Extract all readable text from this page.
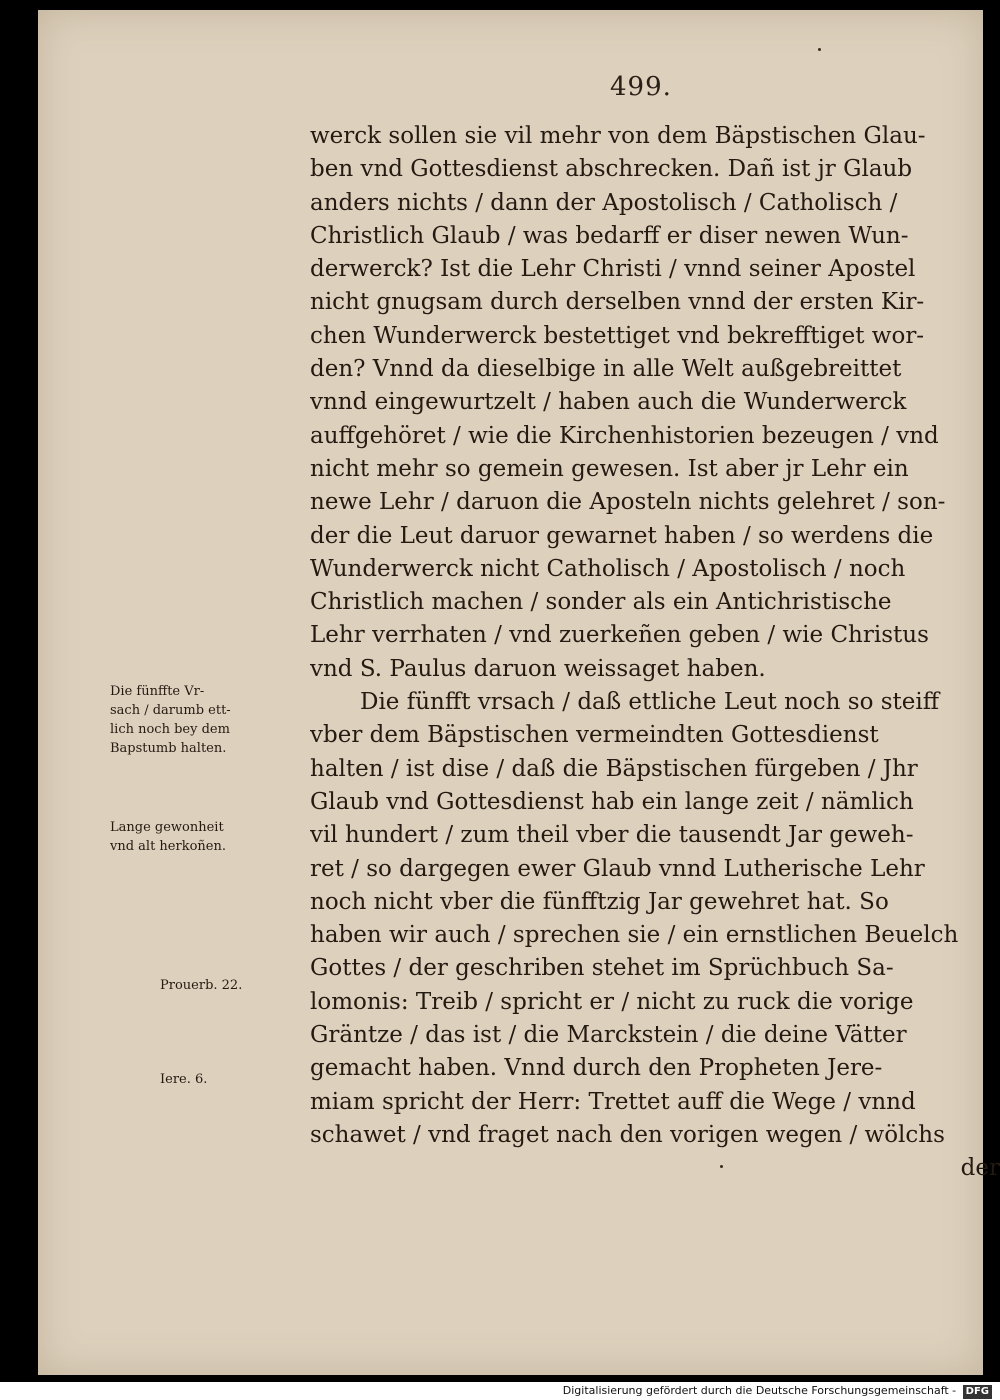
499.
werck sollen sie vil mehr von dem Bäpstischen Glau-
ben vnd Gottesdienst abschrecken. Dañ ist jr Glaub
anders nichts / dann der Apostolisch / Catholisch /
Christlich Glaub / was bedarff er diser newen Wun-
derwerck? Ist die Lehr Christi / vnnd seiner Apostel
nicht gnugsam durch derselben vnnd der ersten Kir-
chen Wunderwerck bestettiget vnd bekrefftiget wor-
den? Vnnd da dieselbige in alle Welt außgebreittet
vnnd eingewurtzelt / haben auch die Wunderwerck
auffgehöret / wie die Kirchenhistorien bezeugen / vnd
nicht mehr so gemein gewesen. Ist aber jr Lehr ein
newe Lehr / daruon die Aposteln nichts gelehret / son-
der die Leut daruor gewarnet haben / so werdens die
Wunderwerck nicht Catholisch / Apostolisch / noch
Christlich machen / sonder als ein Antichristische
Lehr verrhaten / vnd zuerkeñen geben / wie Christus
vnd S. Paulus daruon weissaget haben.
Die fünfft vrsach / daß ettliche Leut noch so steiff
vber dem Bäpstischen vermeindten Gottesdienst
halten / ist dise / daß die Bäpstischen fürgeben / Jhr
Glaub vnd Gottesdienst hab ein lange zeit / nämlich
vil hundert / zum theil vber die tausendt Jar geweh-
ret / so dargegen ewer Glaub vnnd Lutherische Lehr
noch nicht vber die fünfftzig Jar gewehret hat. So
haben wir auch / sprechen sie / ein ernstlichen Beuelch
Gottes / der geschriben stehet im Sprüchbuch Sa-
lomonis: Treib / spricht er / nicht zu ruck die vorige
Gräntze / das ist / die Marckstein / die deine Vätter
gemacht haben. Vnnd durch den Propheten Jere-
miam spricht der Herr: Trettet auff die Wege / vnnd
schawet / vnd fraget nach den vorigen wegen / wölchs
der
Die fünffte Vr-
sach / darumb ett-
lich noch bey dem
Bapstumb halten.
Lange gewonheit
vnd alt herkoñen.
Prouerb. 22.
Iere. 6.
Digitalisierung gefördert durch die Deutsche Forschungsgemeinschaft - DFG
